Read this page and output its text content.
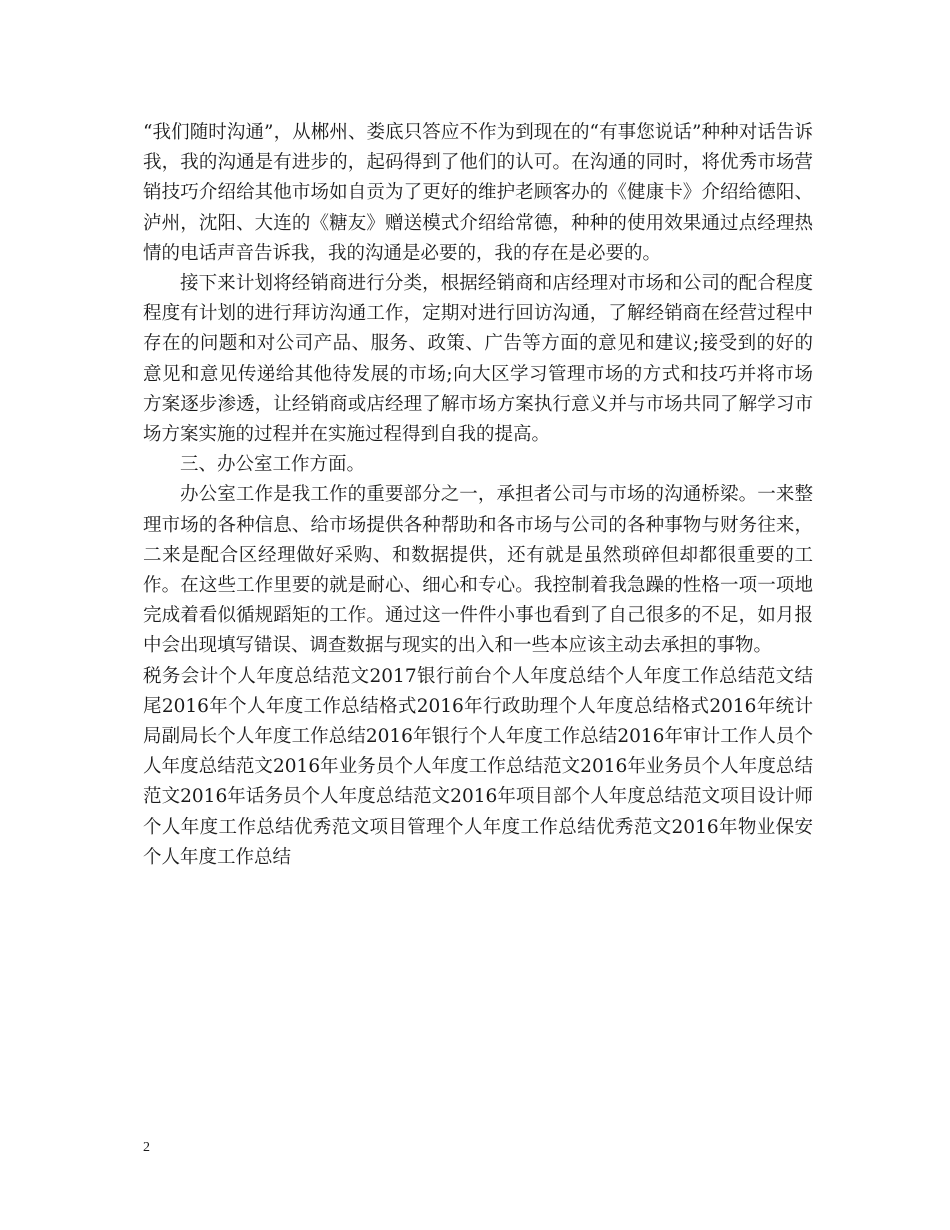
“我们随时沟通”，从郴州、娄底只答应不作为到现在的“有事您说话”种种对话告诉我，我的沟通是有进步的，起码得到了他们的认可。在沟通的同时，将优秀市场营销技巧介绍给其他市场如自贡为了更好的维护老顾客办的《健康卡》介绍给德阳、泸州，沈阳、大连的《糖友》赠送模式介绍给常德，种种的使用效果通过点经理热情的电话声音告诉我，我的沟通是必要的，我的存在是必要的。

接下来计划将经销商进行分类，根据经销商和店经理对市场和公司的配合程度程度有计划的进行拜访沟通工作，定期对进行回访沟通，了解经销商在经营过程中存在的问题和对公司产品、服务、政策、广告等方面的意见和建议;接受到的好的意见和意见传递给其他待发展的市场;向大区学习管理市场的方式和技巧并将市场方案逐步渗透，让经销商或店经理了解市场方案执行意义并与市场共同了解学习市场方案实施的过程并在实施过程得到自我的提高。

三、办公室工作方面。

办公室工作是我工作的重要部分之一，承担者公司与市场的沟通桥梁。一来整理市场的各种信息、给市场提供各种帮助和各市场与公司的各种事物与财务往来，二来是配合区经理做好采购、和数据提供，还有就是虽然琐碎但却都很重要的工作。在这些工作里要的就是耐心、细心和专心。我控制着我急躁的性格一项一项地完成着看似循规蹈矩的工作。通过这一件件小事也看到了自己很多的不足，如月报中会出现填写错误、调查数据与现实的出入和一些本应该主动去承担的事物。

税务会计个人年度总结范文2017银行前台个人年度总结个人年度工作总结范文结尾2016年个人年度工作总结格式2016年行政助理个人年度总结格式2016年统计局副局长个人年度工作总结2016年银行个人年度工作总结2016年审计工作人员个人年度总结范文2016年业务员个人年度工作总结范文2016年业务员个人年度总结范文2016年话务员个人年度总结范文2016年项目部个人年度总结范文项目设计师个人年度工作总结优秀范文项目管理个人年度工作总结优秀范文2016年物业保安个人年度工作总结

2
